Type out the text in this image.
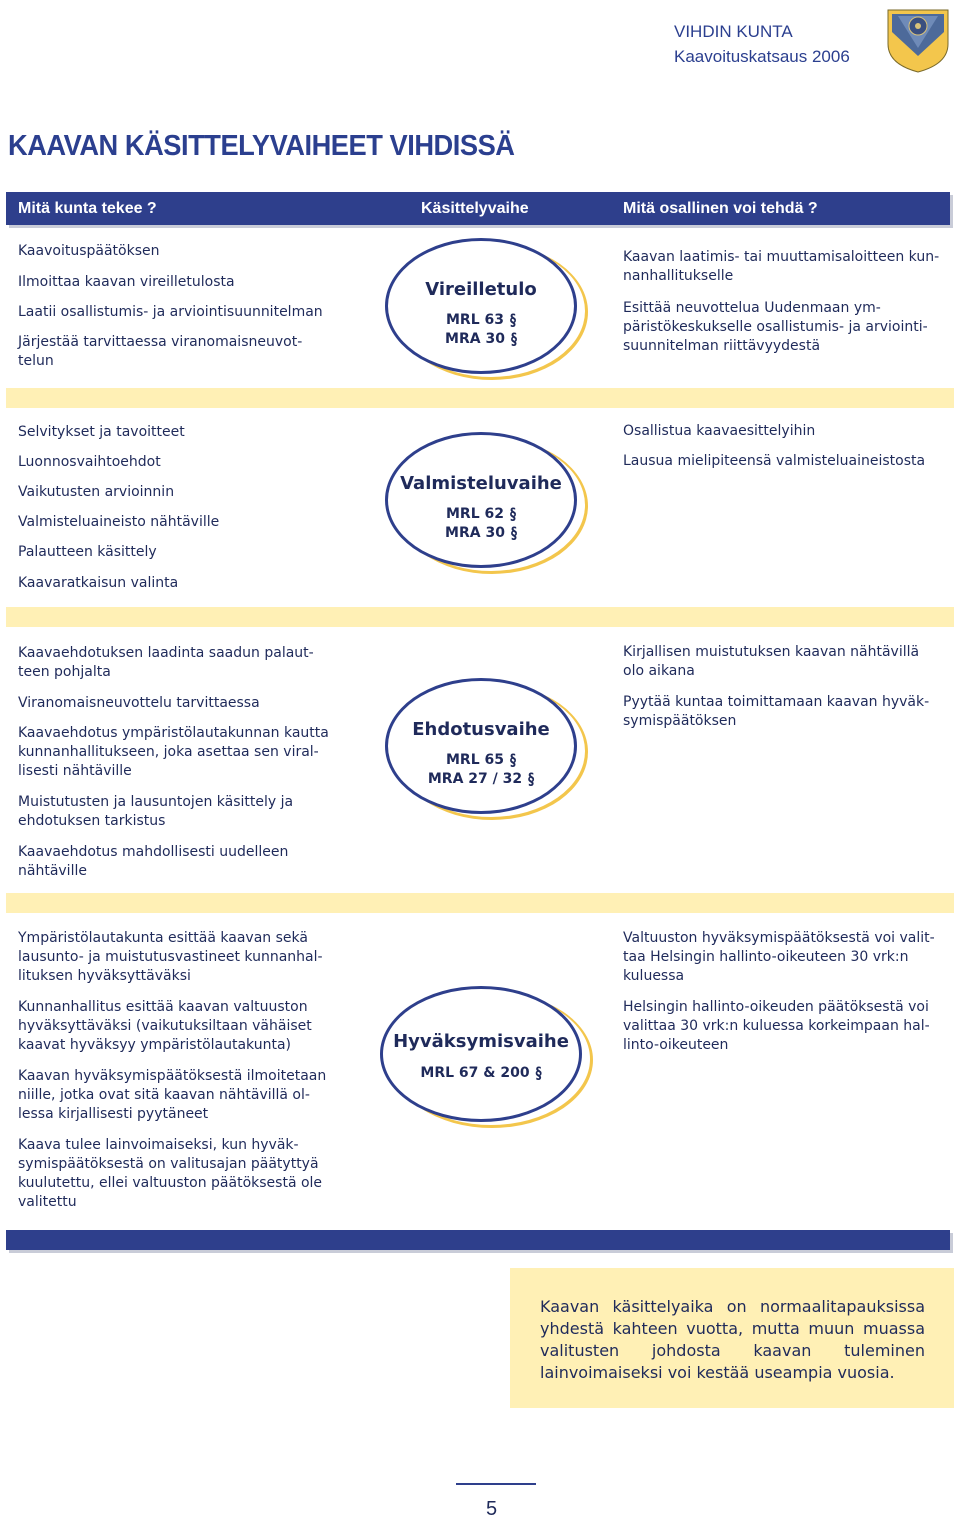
VIHDIN KUNTA
Kaavoituskatsaus 2006
KAAVAN KÄSITTELYVAIHEET VIHDISSÄ
Mitä kunta tekee ?	Käsittelyvaihe	Mitä osallinen voi tehdä ?
Kaavoituspäätöksen
Ilmoittaa kaavan vireilletulosta
Laatii osallistumis- ja arviointisuunnitelman
Järjestää tarvittaessa viranomaisneuvot-
telun
Vireilletulo
MRL 63 §
MRA 30 §
Kaavan laatimis- tai muuttamisaloitteen kun-
nanhallitukselle
Esittää neuvottelua Uudenmaan ym-
päristökeskukselle osallistumis- ja arviointi-
suunnitelman riittävyydestä
Selvitykset ja tavoitteet
Luonnosvaihtoehdot
Vaikutusten arvioinnin
Valmisteluaineisto nähtäville
Palautteen käsittely
Kaavaratkaisun valinta
Valmisteluvaihe
MRL 62 §
MRA 30 §
Osallistua kaavaesittelyihin
Lausua mielipiteensä valmisteluaineistosta
Kaavaehdotuksen laadinta saadun palaut-
teen pohjalta
Viranomaisneuvottelu tarvittaessa
Kaavaehdotus ympäristölautakunnan kautta
kunnanhallitukseen, joka asettaa sen viral-
lisesti nähtäville
Muistutusten ja lausuntojen käsittely ja
ehdotuksen tarkistus
Kaavaehdotus mahdollisesti uudelleen
nähtäville
Ehdotusvaihe
MRL 65 §
MRA 27 / 32 §
Kirjallisen muistutuksen kaavan nähtävillä
olo aikana
Pyytää kuntaa toimittamaan kaavan hyväk-
symispäätöksen
Ympäristölautakunta esittää kaavan sekä
lausunto- ja muistutusvastineet kunnanhal-
lituksen hyväksyttäväksi
Kunnanhallitus esittää kaavan valtuuston
hyväksyttäväksi (vaikutuksiltaan vähäiset
kaavat hyväksyy ympäristölautakunta)
Kaavan hyväksymispäätöksestä ilmoitetaan
niille, jotka ovat sitä kaavan nähtävillä ol-
lessa kirjallisesti pyytäneet
Kaava tulee lainvoimaiseksi, kun hyväk-
symispäätöksestä on valitusajan päätyttyä
kuulutettu, ellei valtuuston päätöksestä ole
valitettu
Hyväksymisvaihe
MRL 67 & 200 §
Valtuuston hyväksymispäätöksestä voi valit-
taa Helsingin hallinto-oikeuteen 30 vrk:n
kuluessa
Helsingin hallinto-oikeuden päätöksestä voi
valittaa 30 vrk:n kuluessa korkeimpaan hal-
linto-oikeuteen
Kaavan käsittelyaika on normaalitapauksissa yhdestä kahteen vuotta, mutta muun muassa valitusten johdosta kaavan tuleminen lainvoimaiseksi voi kestää useampia vuosia.
5
